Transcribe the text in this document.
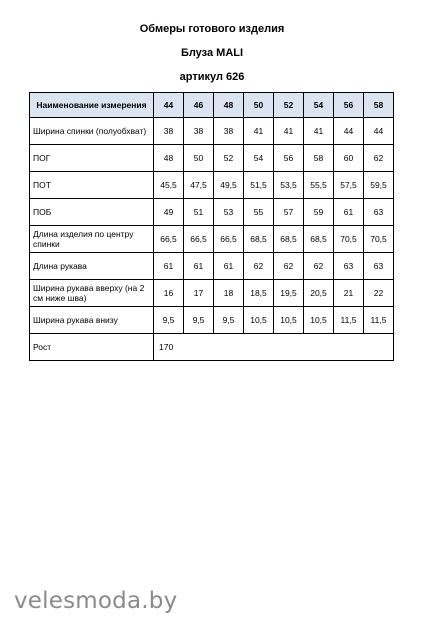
Обмеры готового изделия
Блуза MALI
артикул 626
Наименование измерения	44	46	48	50	52	54	56	58
Ширина спинки (полуобхват)	38	38	38	41	41	41	44	44
ПОГ	48	50	52	54	56	58	60	62
ПОТ	45,5	47,5	49,5	51,5	53,5	55,5	57,5	59,5
ПОБ	49	51	53	55	57	59	61	63
Длина изделия по центру спинки	66,5	66,5	66,5	68,5	68,5	68,5	70,5	70,5
Длина рукава	61	61	61	62	62	62	63	63
Ширина рукава вверху (на 2 см ниже шва)	16	17	18	18,5	19,5	20,5	21	22
Ширина рукава внизу	9,5	9,5	9,5	10,5	10,5	10,5	11,5	11,5
Рост	170							
velesmoda.by
